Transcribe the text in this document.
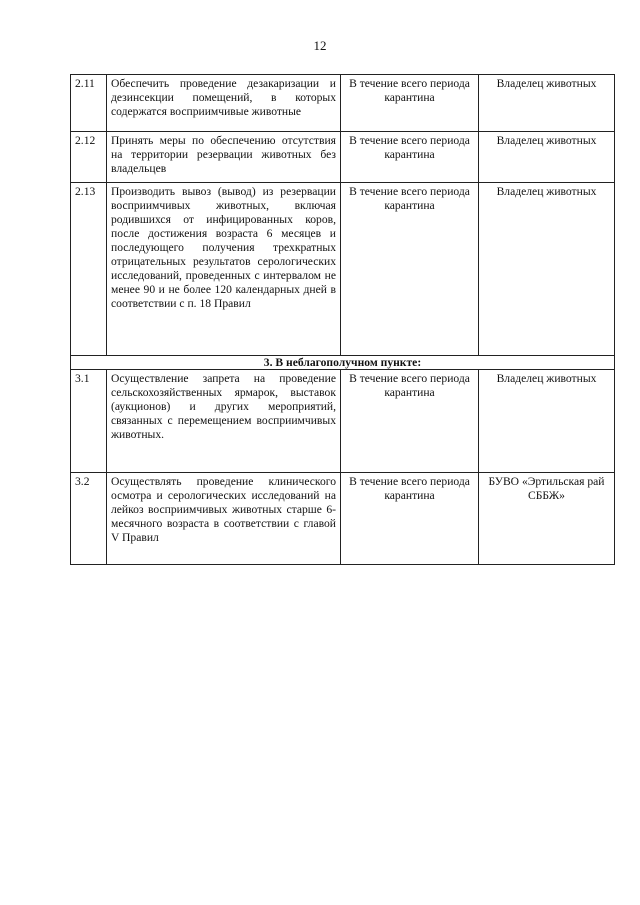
12
2.11	Обеспечить проведение дезакаризации и дезинсекции помещений, в которых содержатся восприимчивые животные	В течение всего периода карантина	Владелец животных
2.12	Принять меры по обеспечению отсутствия на территории резервации животных без владельцев	В течение всего периода карантина	Владелец животных
2.13	Производить вывоз (вывод) из резервации восприимчивых животных, включая родившихся от инфицированных коров, после достижения возраста 6 месяцев и последующего получения трехкратных отрицательных результатов серологических исследований, проведенных с интервалом не менее 90 и не более 120 календарных дней в соответствии с п. 18 Правил	В течение всего периода карантина	Владелец животных
3. В неблагополучном пункте:			
3.1	Осуществление запрета на проведение сельскохозяйственных ярмарок, выставок (аукционов) и других мероприятий, связанных с перемещением восприимчивых животных.	В течение всего периода карантина	Владелец животных
3.2	Осуществлять проведение клинического осмотра и серологических исследований на лейкоз восприимчивых животных старше 6-месячного возраста в соответствии с главой V Правил	В течение всего периода карантина	БУВО «Эртильская рай СББЖ»
